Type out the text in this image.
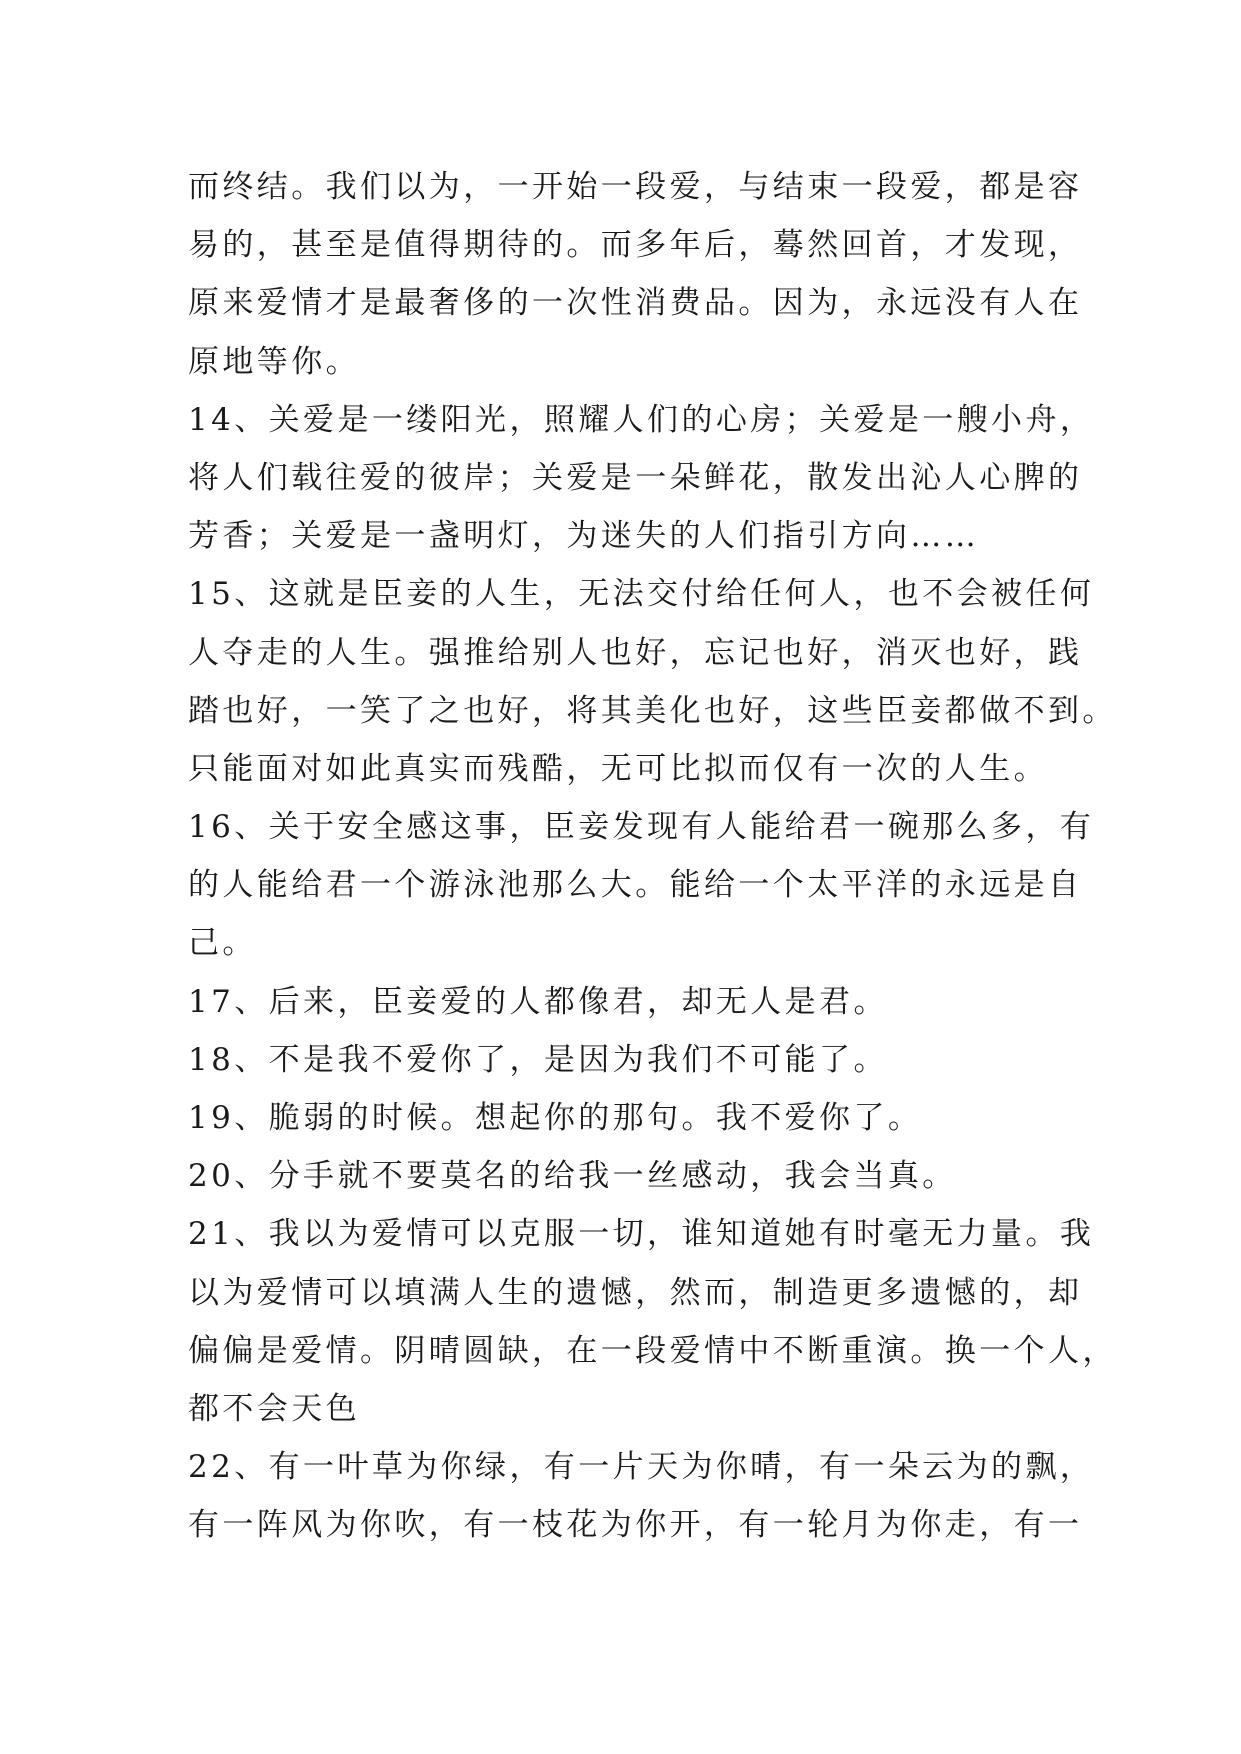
而终结。我们以为，一开始一段爱，与结束一段爱，都是容
易的，甚至是值得期待的。而多年后，蓦然回首，才发现，
原来爱情才是最奢侈的一次性消费品。因为，永远没有人在
原地等你。
14、关爱是一缕阳光，照耀人们的心房；关爱是一艘小舟，
将人们载往爱的彼岸；关爱是一朵鲜花，散发出沁人心脾的
芳香；关爱是一盏明灯，为迷失的人们指引方向……
15、这就是臣妾的人生，无法交付给任何人，也不会被任何
人夺走的人生。强推给别人也好，忘记也好，消灭也好，践
踏也好，一笑了之也好，将其美化也好，这些臣妾都做不到。
只能面对如此真实而残酷，无可比拟而仅有一次的人生。
16、关于安全感这事，臣妾发现有人能给君一碗那么多，有
的人能给君一个游泳池那么大。能给一个太平洋的永远是自
己。
17、后来，臣妾爱的人都像君，却无人是君。
18、不是我不爱你了，是因为我们不可能了。
19、脆弱的时候。想起你的那句。我不爱你了。
20、分手就不要莫名的给我一丝感动，我会当真。
21、我以为爱情可以克服一切，谁知道她有时毫无力量。我
以为爱情可以填满人生的遗憾，然而，制造更多遗憾的，却
偏偏是爱情。阴晴圆缺，在一段爱情中不断重演。换一个人，
都不会天色
22、有一叶草为你绿，有一片天为你晴，有一朵云为的飘，
有一阵风为你吹，有一枝花为你开，有一轮月为你走，有一
